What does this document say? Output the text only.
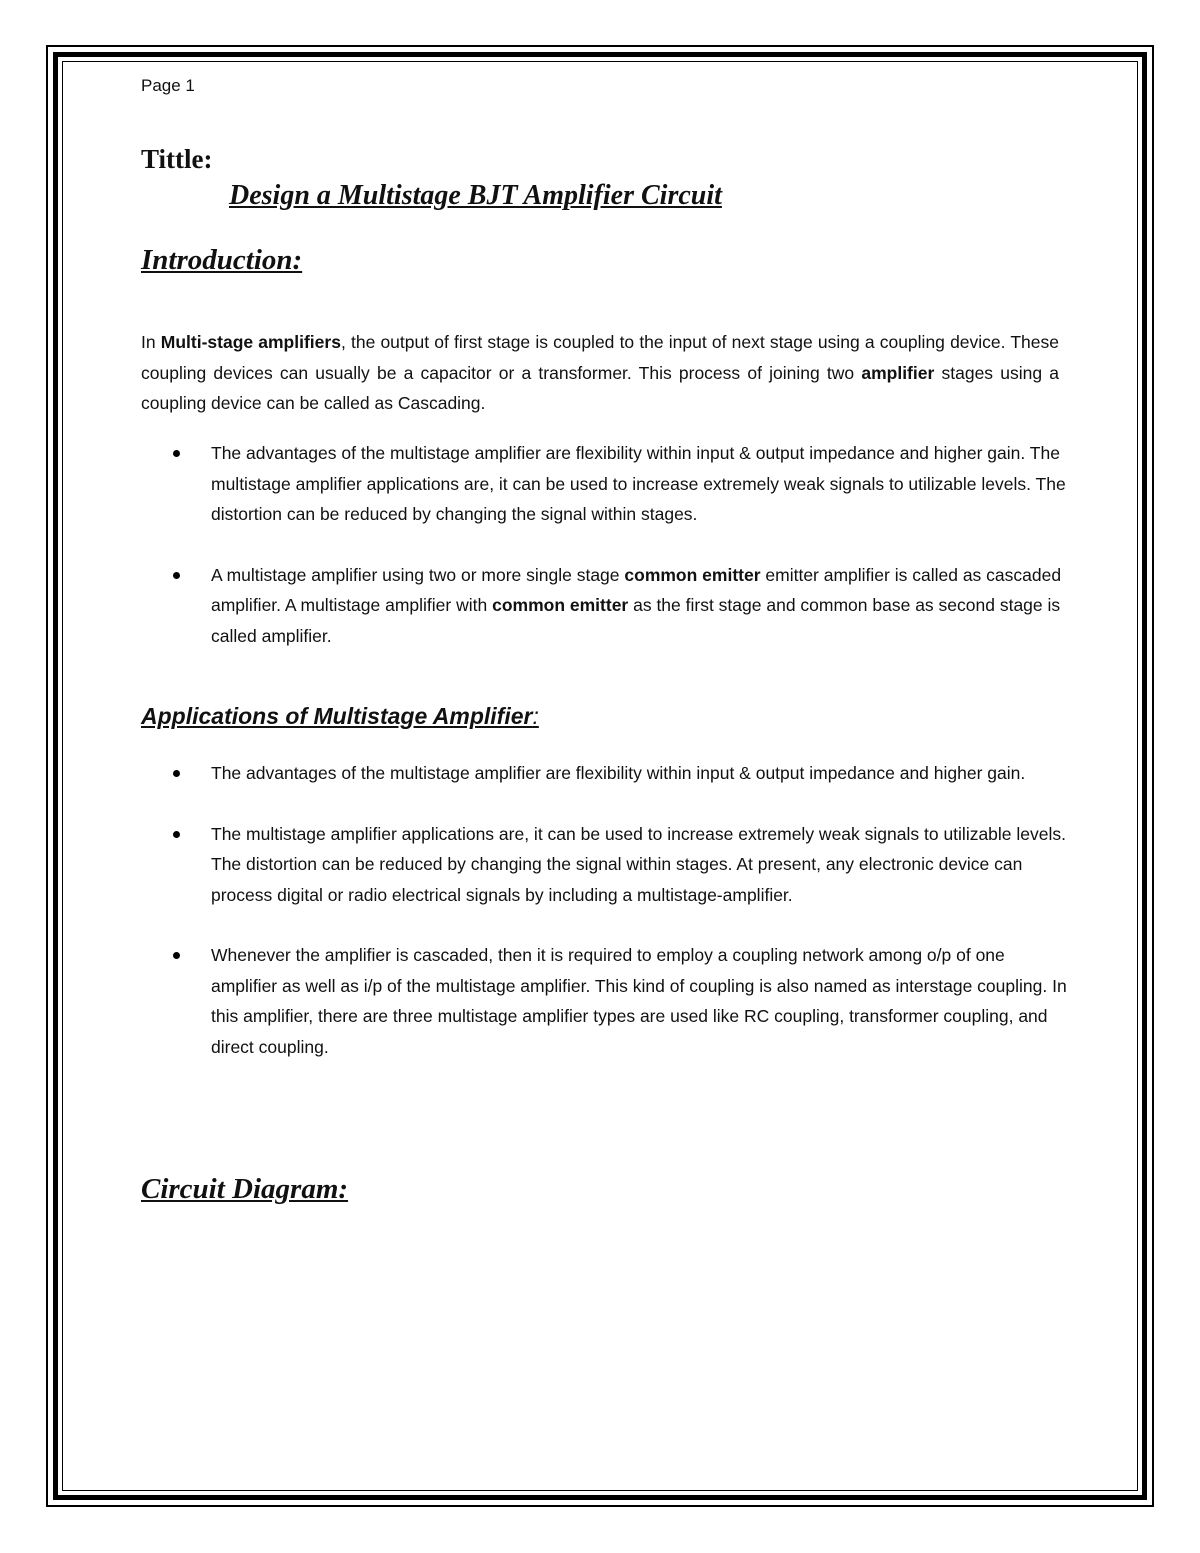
Page 1
Tittle:
Design a Multistage BJT Amplifier Circuit
Introduction:

In Multi-stage amplifiers, the output of first stage is coupled to the input of next stage using a coupling device. These coupling devices can usually be a capacitor or a transformer. This process of joining two amplifier stages using a coupling device can be called as Cascading.

The advantages of the multistage amplifier are flexibility within input & output impedance and higher gain. The multistage amplifier applications are, it can be used to increase extremely weak signals to utilizable levels. The distortion can be reduced by changing the signal within stages.
A multistage amplifier using two or more single stage common emitter emitter amplifier is called as cascaded amplifier. A multistage amplifier with common emitter as the first stage and common base as second stage is called amplifier.
Applications of Multistage Amplifier:
The advantages of the multistage amplifier are flexibility within input & output impedance and higher gain.
The multistage amplifier applications are, it can be used to increase extremely weak signals to utilizable levels. The distortion can be reduced by changing the signal within stages. At present, any electronic device can process digital or radio electrical signals by including a multistage-amplifier.
Whenever the amplifier is cascaded, then it is required to employ a coupling network among o/p of one amplifier as well as i/p of the multistage amplifier. This kind of coupling is also named as interstage coupling. In this amplifier, there are three multistage amplifier types are used like RC coupling, transformer coupling, and direct coupling.
Circuit Diagram:
